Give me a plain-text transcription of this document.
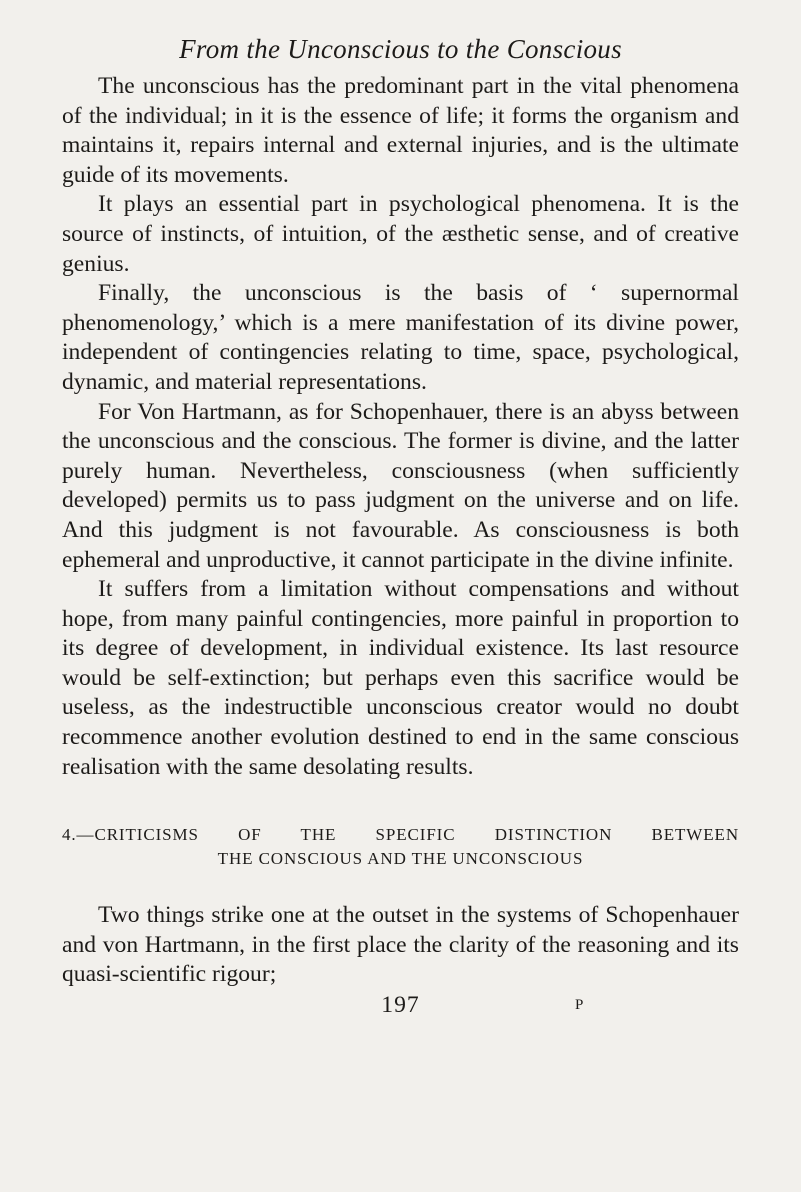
From the Unconscious to the Conscious

The unconscious has the predominant part in the vital phenomena of the individual; in it is the essence of life; it forms the organism and maintains it, repairs internal and external injuries, and is the ultimate guide of its movements.

It plays an essential part in psychological phenomena. It is the source of instincts, of intuition, of the æsthetic sense, and of creative genius.

Finally, the unconscious is the basis of ‘ supernormal phenomenology,’ which is a mere manifestation of its divine power, independent of contingencies relating to time, space, psychological, dynamic, and material representations.

For Von Hartmann, as for Schopenhauer, there is an abyss between the unconscious and the conscious. The former is divine, and the latter purely human. Nevertheless, consciousness (when sufficiently developed) permits us to pass judgment on the universe and on life. And this judgment is not favourable. As consciousness is both ephemeral and unproductive, it cannot participate in the divine infinite.

It suffers from a limitation without compensations and without hope, from many painful contingencies, more painful in proportion to its degree of development, in individual existence. Its last resource would be self-extinction; but perhaps even this sacrifice would be useless, as the indestructible unconscious creator would no doubt recommence another evolution destined to end in the same conscious realisation with the same desolating results.

4.—CRITICISMS OF THE SPECIFIC DISTINCTION BETWEEN
THE CONSCIOUS AND THE UNCONSCIOUS

Two things strike one at the outset in the systems of Schopenhauer and von Hartmann, in the first place the clarity of the reasoning and its quasi-scientific rigour;

197	P
